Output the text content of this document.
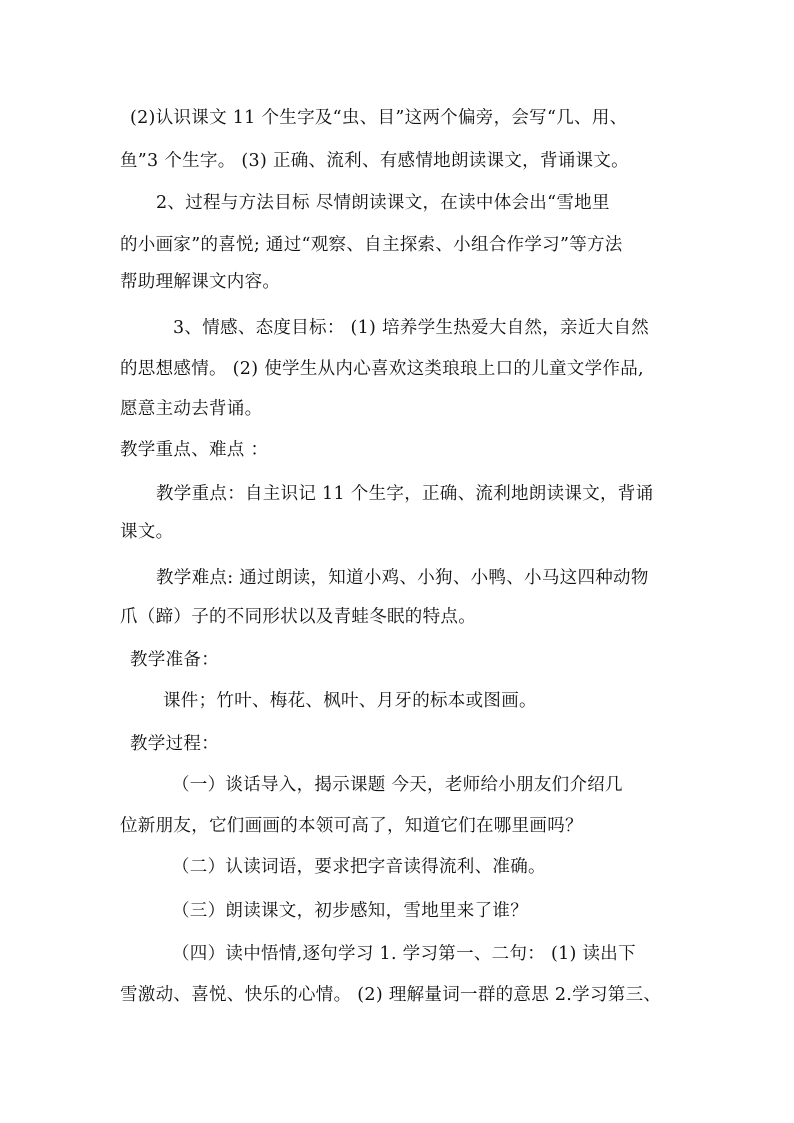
(2)认识课文 11 个生字及“虫、目”这两个偏旁，会写“几、用、
鱼”3 个生字。 (3) 正确、流利、有感情地朗读课文，背诵课文。
2、过程与方法目标 尽情朗读课文，在读中体会出“雪地里
的小画家”的喜悦; 通过“观察、自主探索、小组合作学习”等方法
帮助理解课文内容。
3、情感、态度目标： (1) 培养学生热爱大自然，亲近大自然
的思想感情。 (2) 使学生从内心喜欢这类琅琅上口的儿童文学作品,
愿意主动去背诵。
教学重点、难点 ：
教学重点：自主识记 11 个生字，正确、流利地朗读课文，背诵
课文。
教学难点: 通过朗读，知道小鸡、小狗、小鸭、小马这四种动物
爪（蹄）子的不同形状以及青蛙冬眠的特点。
教学准备：
课件；竹叶、梅花、枫叶、月牙的标本或图画。
教学过程：
（一）谈话导入，揭示课题 今天，老师给小朋友们介绍几
位新朋友，它们画画的本领可高了，知道它们在哪里画吗？
（二）认读词语，要求把字音读得流利、准确。
（三）朗读课文，初步感知，雪地里来了谁？
（四）读中悟情,逐句学习 1. 学习第一、二句： (1) 读出下
雪激动、喜悦、快乐的心情。 (2) 理解量词一群的意思 2.学习第三、
